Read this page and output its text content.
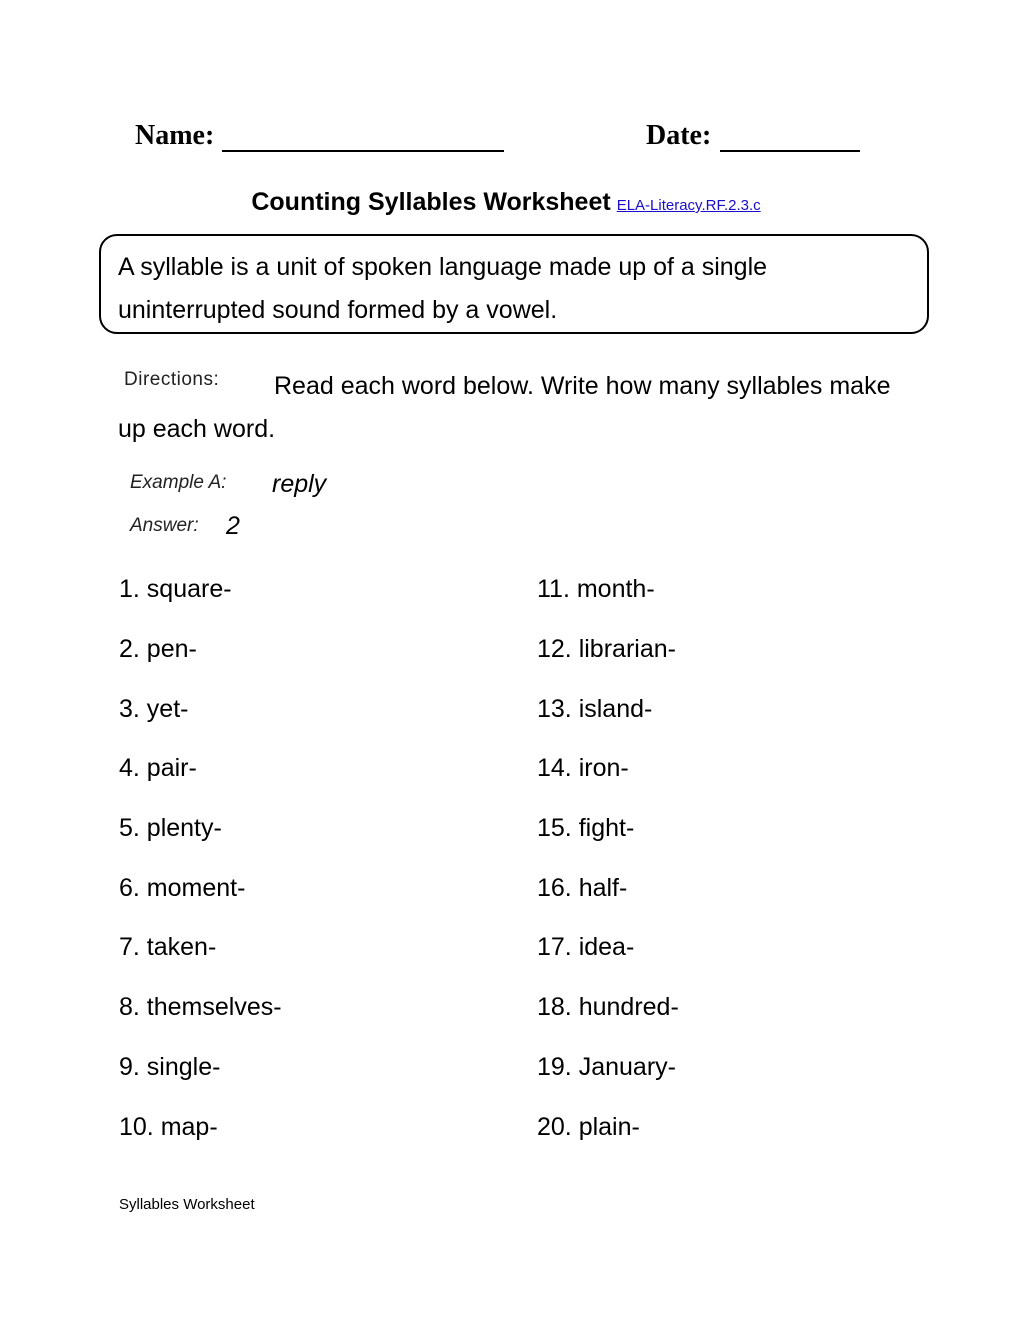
Name:	Date:
Counting Syllables Worksheet ELA-Literacy.RF.2.3.c
A syllable is a unit of spoken language made up of a single
uninterrupted sound formed by a vowel.
Directions:	Read each word below. Write how many syllables make up each word.
Example A: reply
Answer: 2
1. square-
2. pen-
3. yet-
4. pair-
5. plenty-
6. moment-
7. taken-
8. themselves-
9. single-
10. map-
11. month-
12. librarian-
13. island-
14. iron-
15. fight-
16. half-
17. idea-
18. hundred-
19. January-
20. plain-
Syllables Worksheet
